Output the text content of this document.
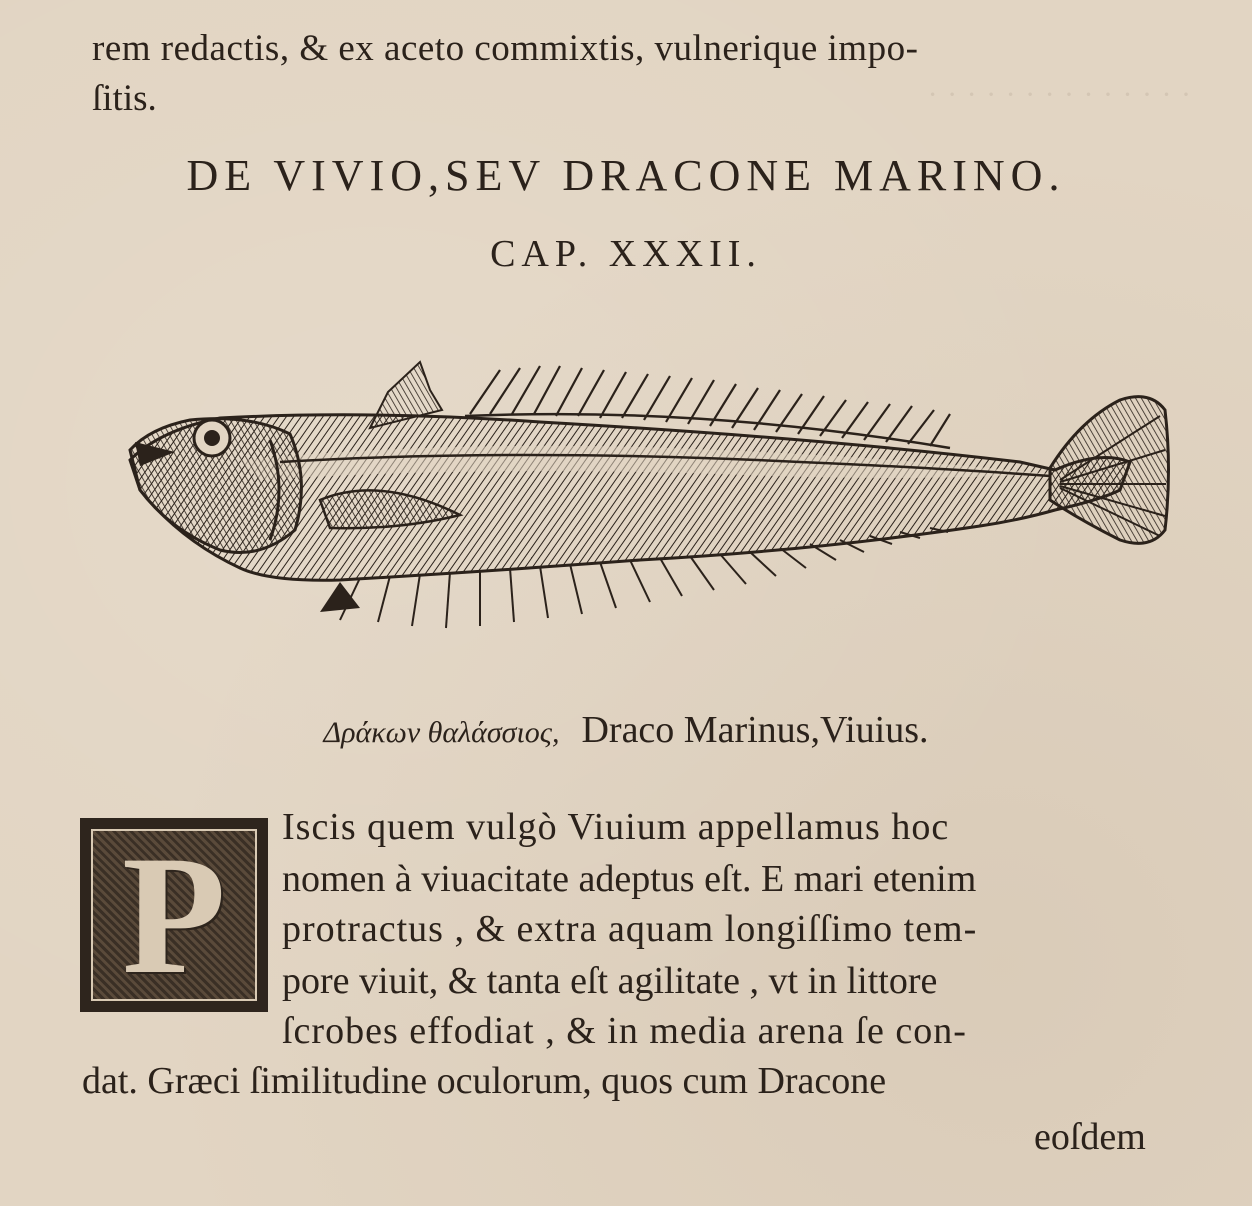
· · · · · · · · · · · · · ·
rem redactis, & ex aceto commixtis, vulnerique impo-
ſitis.
DE VIVIO,SEV DRACONE MARINO.
CAP. XXXII.
Δράκων θαλάσσιος, Draco Marinus,Viuius.
P	Iscis quem vulgò Viuium appellamus hoc
nomen à viuacitate adeptus eſt. E mari etenim
protractus , & extra aquam longiſſimo tem-
pore viuit, & tanta eſt agilitate , vt in littore
ſcrobes effodiat , & in media arena ſe con-
dat. Græci ſimilitudine oculorum, quos cum Dracone
eoſdem
